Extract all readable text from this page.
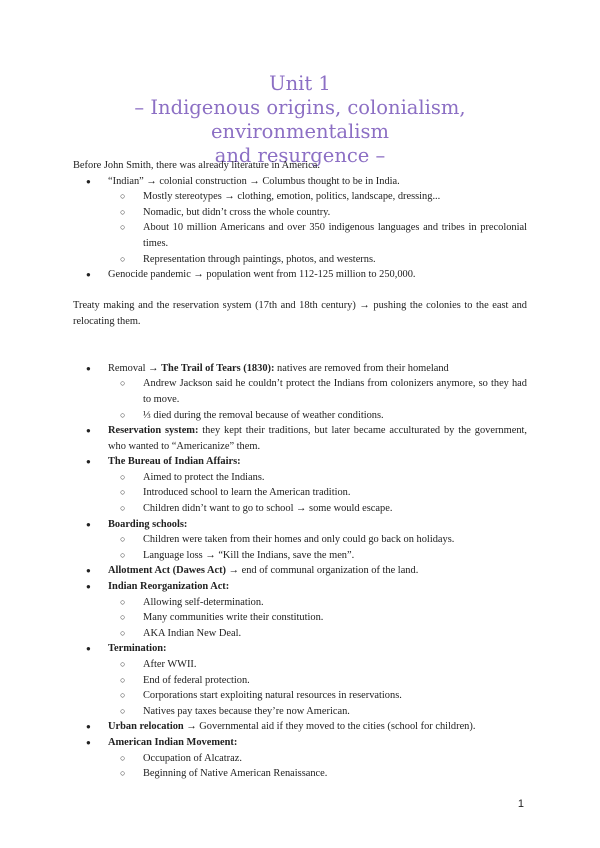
Unit 1
– Indigenous origins, colonialism, environmentalism
and resurgence –

Before John Smith, there was already literature in America.

● “Indian” → colonial construction → Columbus thought to be in India.
○ Mostly stereotypes → clothing, emotion, politics, landscape, dressing...
○ Nomadic, but didn’t cross the whole country.
○ About 10 million Americans and over 350 indigenous languages and tribes in precolonial times.
○ Representation through paintings, photos, and westerns.
● Genocide pandemic → population went from 112-125 million to 250,000.

Treaty making and the reservation system (17th and 18th century) → pushing the colonies to the east and relocating them.

● Removal → The Trail of Tears (1830): natives are removed from their homeland
○ Andrew Jackson said he couldn’t protect the Indians from colonizers anymore, so they had to move.
○ ⅓ died during the removal because of weather conditions.
● Reservation system: they kept their traditions, but later became acculturated by the government, who wanted to “Americanize” them.
● The Bureau of Indian Affairs:
○ Aimed to protect the Indians.
○ Introduced school to learn the American tradition.
○ Children didn’t want to go to school → some would escape.
● Boarding schools:
○ Children were taken from their homes and only could go back on holidays.
○ Language loss → “Kill the Indians, save the men”.
● Allotment Act (Dawes Act) → end of communal organization of the land.
● Indian Reorganization Act:
○ Allowing self-determination.
○ Many communities write their constitution.
○ AKA Indian New Deal.
● Termination:
○ After WWII.
○ End of federal protection.
○ Corporations start exploiting natural resources in reservations.
○ Natives pay taxes because they’re now American.
● Urban relocation → Governmental aid if they moved to the cities (school for children).
● American Indian Movement:
○ Occupation of Alcatraz.
○ Beginning of Native American Renaissance.
1
